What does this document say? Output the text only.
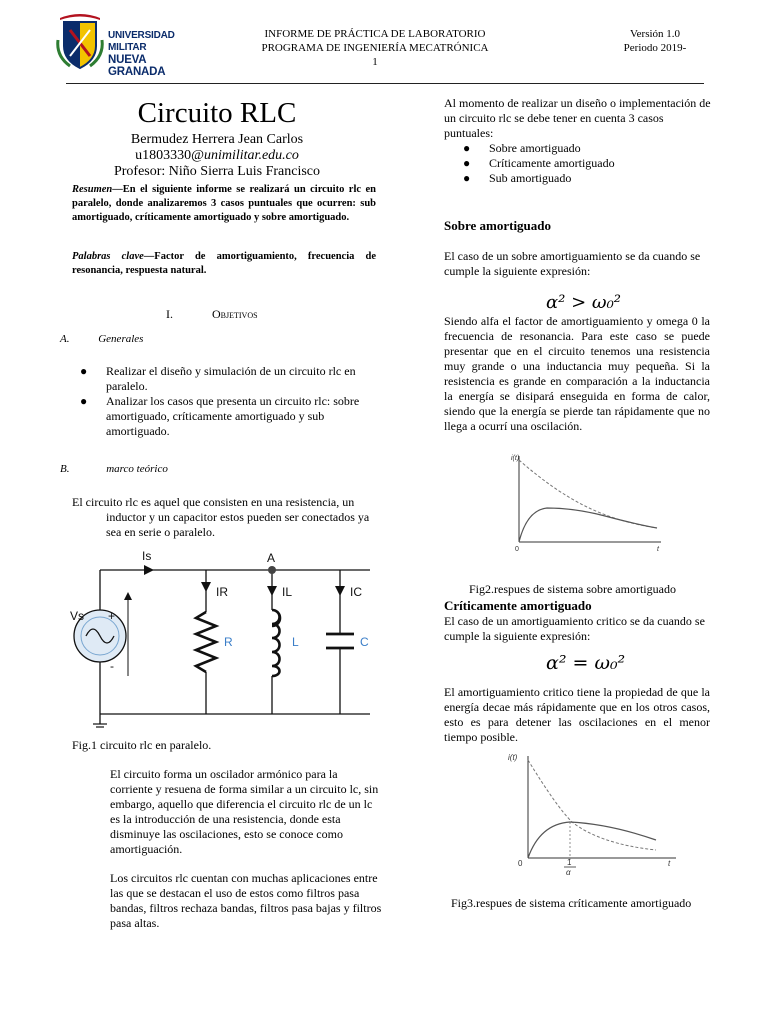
UNIVERSIDAD MILITAR
NUEVA GRANADA
INFORME DE PRÁCTICA DE LABORATORIO
PROGRAMA DE INGENIERÍA MECATRÓNICA
1
Versión 1.0
Periodo 2019-
Circuito RLC
Bermudez Herrera Jean Carlos
u1803330@unimilitar.edu.co
Profesor: Niño Sierra Luis Francisco
Resumen—En el siguiente informe se realizará un circuito rlc en paralelo, donde analizaremos 3 casos puntuales que ocurren: sub amortiguado, críticamente amortiguado y sobre amortiguado.
Palabras clave—Factor de amortiguamiento, frecuencia de resonancia, respuesta natural.
I.	Objetivos
A.	Generales
● Realizar el diseño y simulación de un circuito rlc en paralelo.
● Analizar los casos que presenta un circuito rlc: sobre amortiguado, críticamente amortiguado y sub amortiguado.
B.	marco teórico
El circuito rlc es aquel que consisten en una resistencia, un inductor y un capacitor estos pueden ser conectados ya sea en serie o paralelo.
Is	A
IR	IL	IC
Vs +
-
R	L	C
Fig.1 circuito rlc en paralelo.
El circuito forma un oscilador armónico para la corriente y resuena de forma similar a un circuito lc, sin embargo, aquello que diferencia el circuito rlc de un lc es la introducción de una resistencia, donde esta disminuye las oscilaciones, esto se conoce como amortiguación.
Los circuitos rlc cuentan con muchas aplicaciones entre las que se destacan el uso de estos como filtros pasa bandas, filtros rechaza bandas, filtros pasa bajas y filtros pasa altas.
Al momento de realizar un diseño o implementación de un circuito rlc se debe tener en cuenta 3 casos puntuales:
● Sobre amortiguado
● Críticamente amortiguado
● Sub amortiguado
Sobre amortiguado
El caso de un sobre amortiguamiento se da cuando se cumple la siguiente expresión:
α² > ω₀²
Siendo alfa el factor de amortiguamiento y omega 0 la frecuencia de resonancia. Para este caso se puede presentar que en el circuito tenemos una resistencia muy grande o una inductancia muy pequeña. Si la resistencia es grande en comparación a la inductancia la energía se disipará enseguida en forma de calor, siendo que la energía se pierde tan rápidamente que no llega a ocurrí una oscilación.
i(t)
0	t
Fig2.respues de sistema sobre amortiguado
Críticamente amortiguado
El caso de un amortiguamiento critico se da cuando se cumple la siguiente expresión:
α² = ω₀²
El amortiguamiento critico tiene la propiedad de que la energía decae más rápidamente que en los otros casos, esto es para detener las oscilaciones en el menor tiempo posible.
i(t)
0	1
α
t
Fig3.respues de sistema críticamente amortiguado
